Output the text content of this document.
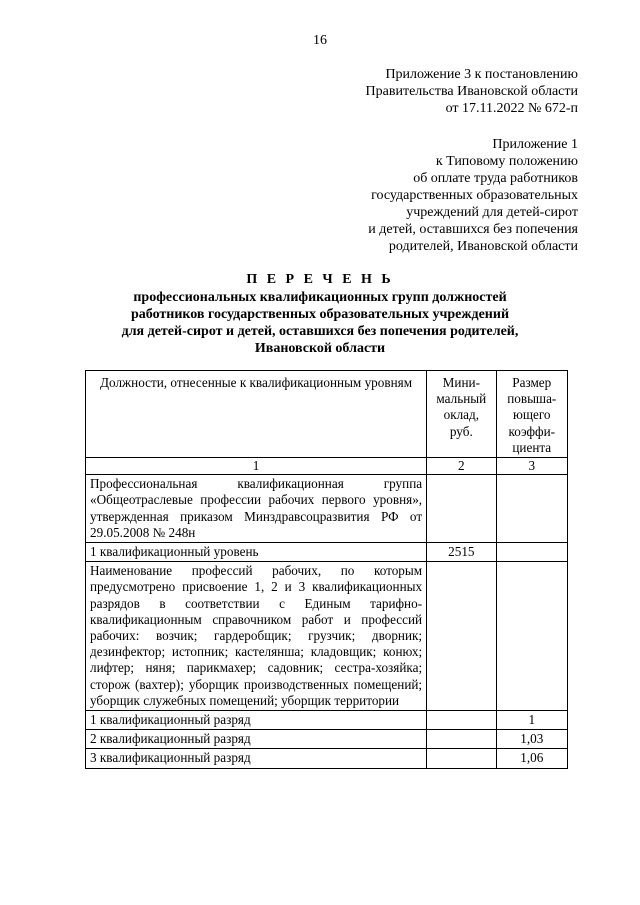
16
Приложение 3 к постановлению
Правительства Ивановской области
от 17.11.2022 № 672-п
Приложение 1
к Типовому положению
об оплате труда работников
государственных образовательных
учреждений для детей-сирот
и детей, оставшихся без попечения
родителей, Ивановской области
П Е Р Е Ч Е Н Ь
профессиональных квалификационных групп должностей
работников государственных образовательных учреждений
для детей-сирот и детей, оставшихся без попечения родителей,
Ивановской области
Должности, отнесенные к квалификационным уровням	Мини-мальный оклад, руб.	Размер повыша-ющего коэффи-циента
1	2	3
Профессиональная квалификационная группа «Общеотраслевые профессии рабочих первого уровня», утвержденная приказом Минздравсоцразвития РФ от 29.05.2008 № 248н		
1 квалификационный уровень	2515	
Наименование профессий рабочих, по которым предусмотрено присвоение 1, 2 и 3 квалификационных разрядов в соответствии с Единым тарифно-квалификационным справочником работ и профессий рабочих: возчик; гардеробщик; грузчик; дворник; дезинфектор; истопник; кастелянша; кладовщик; конюх; лифтер; няня; парикмахер; садовник; сестра-хозяйка; сторож (вахтер); уборщик производственных помещений; уборщик служебных помещений; уборщик территории		
1 квалификационный разряд		1
2 квалификационный разряд		1,03
3 квалификационный разряд		1,06
